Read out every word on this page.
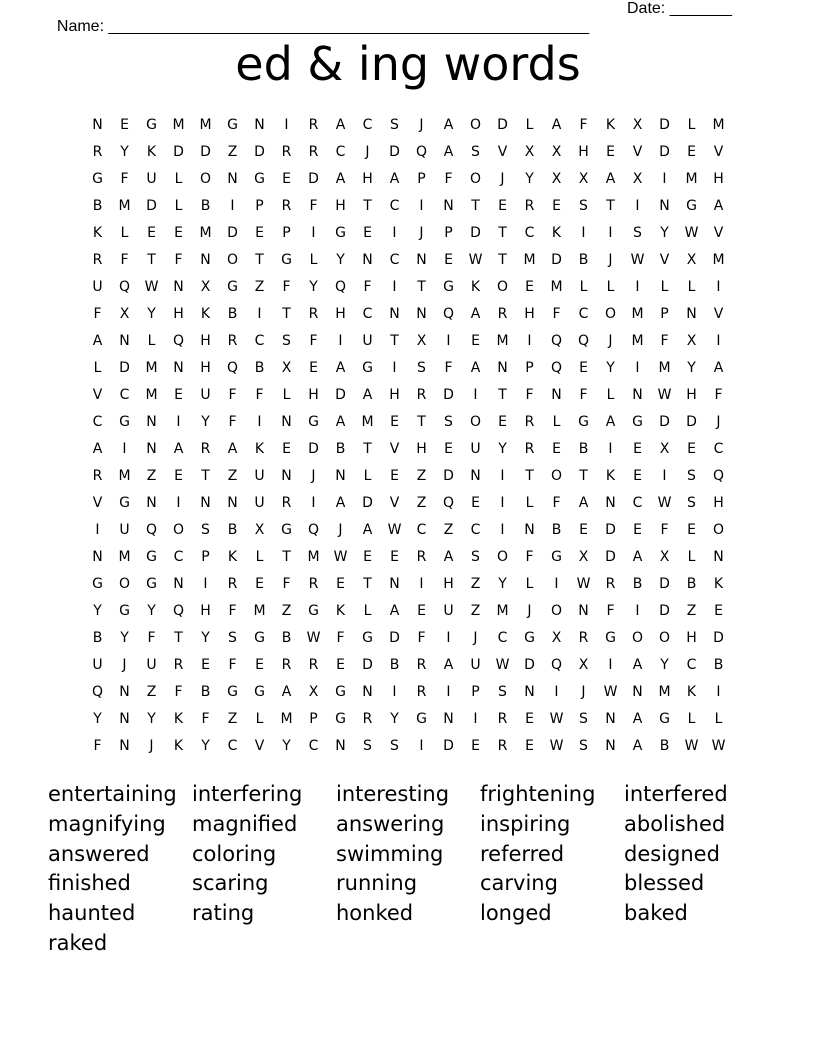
Name: ______________________________________________________

Date: _______

ed & ing words
N	E	G	M	M	G	N	I	R	A	C	S	J	A	O	D	L	A	F	K	X	D	L	M
R	Y	K	D	D	Z	D	R	R	C	J	D	Q	A	S	V	X	X	H	E	V	D	E	V
G	F	U	L	O	N	G	E	D	A	H	A	P	F	O	J	Y	X	X	A	X	I	M	H
B	M	D	L	B	I	P	R	F	H	T	C	I	N	T	E	R	E	S	T	I	N	G	A
K	L	E	E	M	D	E	P	I	G	E	I	J	P	D	T	C	K	I	I	S	Y	W	V
R	F	T	F	N	O	T	G	L	Y	N	C	N	E	W	T	M	D	B	J	W	V	X	M
U	Q	W	N	X	G	Z	F	Y	Q	F	I	T	G	K	O	E	M	L	L	I	L	L	I
F	X	Y	H	K	B	I	T	R	H	C	N	N	Q	A	R	H	F	C	O	M	P	N	V
A	N	L	Q	H	R	C	S	F	I	U	T	X	I	E	M	I	Q	Q	J	M	F	X	I
L	D	M	N	H	Q	B	X	E	A	G	I	S	F	A	N	P	Q	E	Y	I	M	Y	A
V	C	M	E	U	F	F	L	H	D	A	H	R	D	I	T	F	N	F	L	N	W	H	F
C	G	N	I	Y	F	I	N	G	A	M	E	T	S	O	E	R	L	G	A	G	D	D	J
A	I	N	A	R	A	K	E	D	B	T	V	H	E	U	Y	R	E	B	I	E	X	E	C
R	M	Z	E	T	Z	U	N	J	N	L	E	Z	D	N	I	T	O	T	K	E	I	S	Q
V	G	N	I	N	N	U	R	I	A	D	V	Z	Q	E	I	L	F	A	N	C	W	S	H
I	U	Q	O	S	B	X	G	Q	J	A	W	C	Z	C	I	N	B	E	D	E	F	E	O
N	M	G	C	P	K	L	T	M	W	E	E	R	A	S	O	F	G	X	D	A	X	L	N
G	O	G	N	I	R	E	F	R	E	T	N	I	H	Z	Y	L	I	W	R	B	D	B	K
Y	G	Y	Q	H	F	M	Z	G	K	L	A	E	U	Z	M	J	O	N	F	I	D	Z	E
B	Y	F	T	Y	S	G	B	W	F	G	D	F	I	J	C	G	X	R	G	O	O	H	D
U	J	U	R	E	F	E	R	R	E	D	B	R	A	U	W	D	Q	X	I	A	Y	C	B
Q	N	Z	F	B	G	G	A	X	G	N	I	R	I	P	S	N	I	J	W	N	M	K	I
Y	N	Y	K	F	Z	L	M	P	G	R	Y	G	N	I	R	E	W	S	N	A	G	L	L
F	N	J	K	Y	C	V	Y	C	N	S	S	I	D	E	R	E	W	S	N	A	B	W W
entertaining interfering	interesting	frightening	interfered
magnifying	magnified	answering	inspiring	abolished
answered	coloring	swimming	referred	designed
finished	scaring	running	carving	blessed
haunted	rating	honked	longed	baked
raked
